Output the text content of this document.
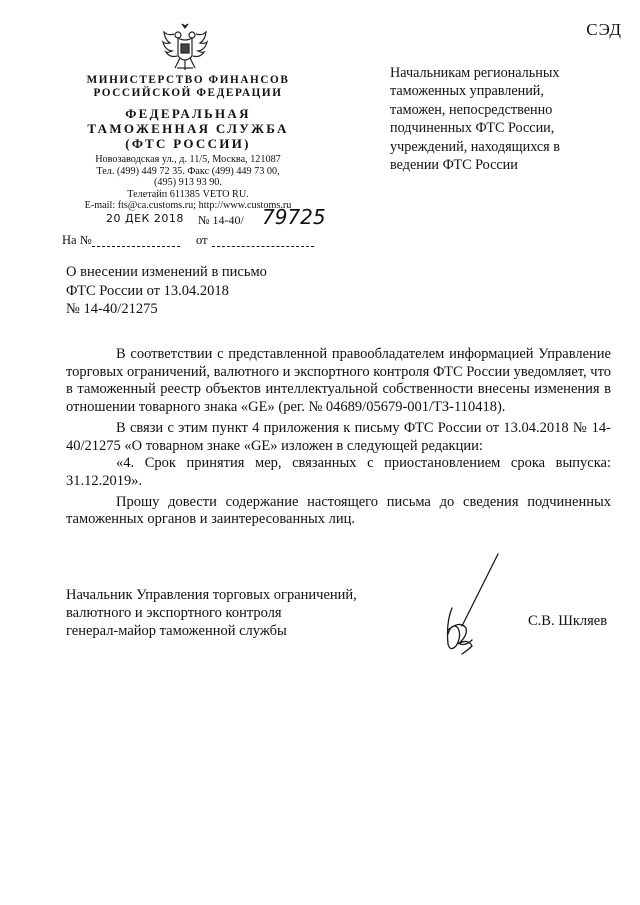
СЭД
МИНИСТЕРСТВО ФИНАНСОВ
РОССИЙСКОЙ ФЕДЕРАЦИИ
ФЕДЕРАЛЬНАЯ
ТАМОЖЕННАЯ СЛУЖБА
(ФТС РОССИИ)
Новозаводская ул., д. 11/5, Москва, 121087
Тел. (499) 449 72 35. Факс (499) 449 73 00,
(495) 913 93 90.
Телетайп 611385 VETO RU.
E-mail: fts@ca.customs.ru; http://www.customs.ru
20 ДЕК 2018 № 14-40/ 79725
На №	от
Начальникам региональных
таможенных управлений,
таможен, непосредственно
подчиненных ФТС России,
учреждений, находящихся в
ведении ФТС России
О внесении изменений в письмо
ФТС России от 13.04.2018
№ 14-40/21275

В соответствии с представленной правообладателем информацией Управление торговых ограничений, валютного и экспортного контроля ФТС России уведомляет, что в таможенный реестр объектов интеллектуальной собственности внесены изменения в отношении товарного знака «GE» (рег. № 04689/05679-001/ТЗ-110418).

В связи с этим пункт 4 приложения к письму ФТС России от 13.04.2018 № 14-40/21275 «О товарном знаке «GE» изложен в следующей редакции:

«4. Срок принятия мер, связанных с приостановлением срока выпуска: 31.12.2019».

Прошу довести содержание настоящего письма до сведения подчиненных таможенных органов и заинтересованных лиц.

Начальник Управления торговых ограничений,
валютного и экспортного контроля
генерал-майор таможенной службы
С.В. Шкляев
